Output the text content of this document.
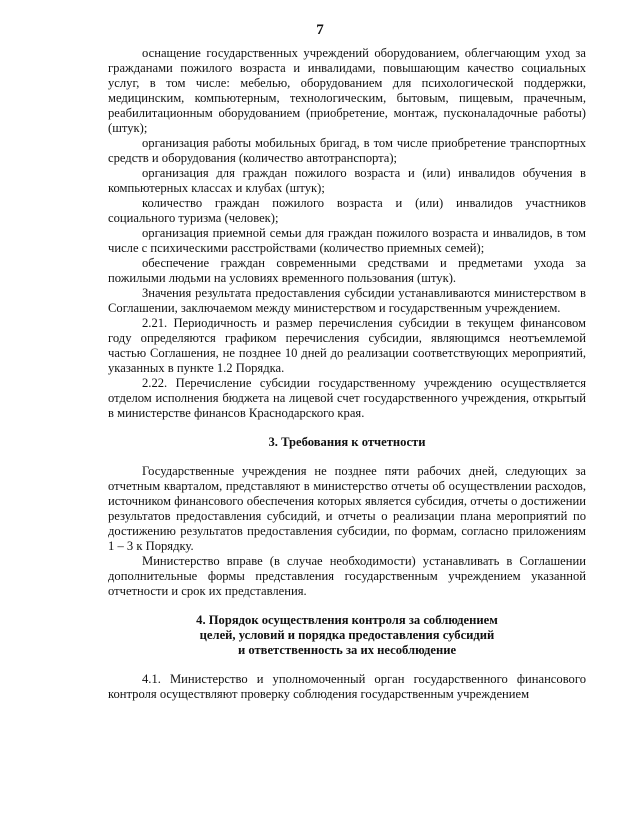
7

оснащение государственных учреждений оборудованием, облегчающим уход за гражданами пожилого возраста и инвалидами, повышающим качество социальных услуг, в том числе: мебелью, оборудованием для психологической поддержки, медицинским, компьютерным, технологическим, бытовым, пищевым, прачечным, реабилитационным оборудованием (приобретение, монтаж, пусконаладочные работы) (штук);

организация работы мобильных бригад, в том числе приобретение транспортных средств и оборудования (количество автотранспорта);

организация для граждан пожилого возраста и (или) инвалидов обучения в компьютерных классах и клубах (штук);

количество граждан пожилого возраста и (или) инвалидов участников социального туризма (человек);

организация приемной семьи для граждан пожилого возраста и инвалидов, в том числе с психическими расстройствами (количество приемных семей);

обеспечение граждан современными средствами и предметами ухода за пожилыми людьми на условиях временного пользования (штук).

Значения результата предоставления субсидии устанавливаются министерством в Соглашении, заключаемом между министерством и государственным учреждением.

2.21. Периодичность и размер перечисления субсидии в текущем финансовом году определяются графиком перечисления субсидии, являющимся неотъемлемой частью Соглашения, не позднее 10 дней до реализации соответствующих мероприятий, указанных в пункте 1.2 Порядка.

2.22. Перечисление субсидии государственному учреждению осуществляется отделом исполнения бюджета на лицевой счет государственного учреждения, открытый в министерстве финансов Краснодарского края.

3. Требования к отчетности

Государственные учреждения не позднее пяти рабочих дней, следующих за отчетным кварталом, представляют в министерство отчеты об осуществлении расходов, источником финансового обеспечения которых является субсидия, отчеты о достижении результатов предоставления субсидий, и отчеты о реализации плана мероприятий по достижению результатов предоставления субсидии, по формам, согласно приложениям 1 – 3 к Порядку.

Министерство вправе (в случае необходимости) устанавливать в Соглашении дополнительные формы представления государственным учреждением указанной отчетности и срок их представления.

4. Порядок осуществления контроля за соблюдением

целей, условий и порядка предоставления субсидий

и ответственность за их несоблюдение

4.1. Министерство и уполномоченный орган государственного финансового контроля осуществляют проверку соблюдения государственным учреждением
